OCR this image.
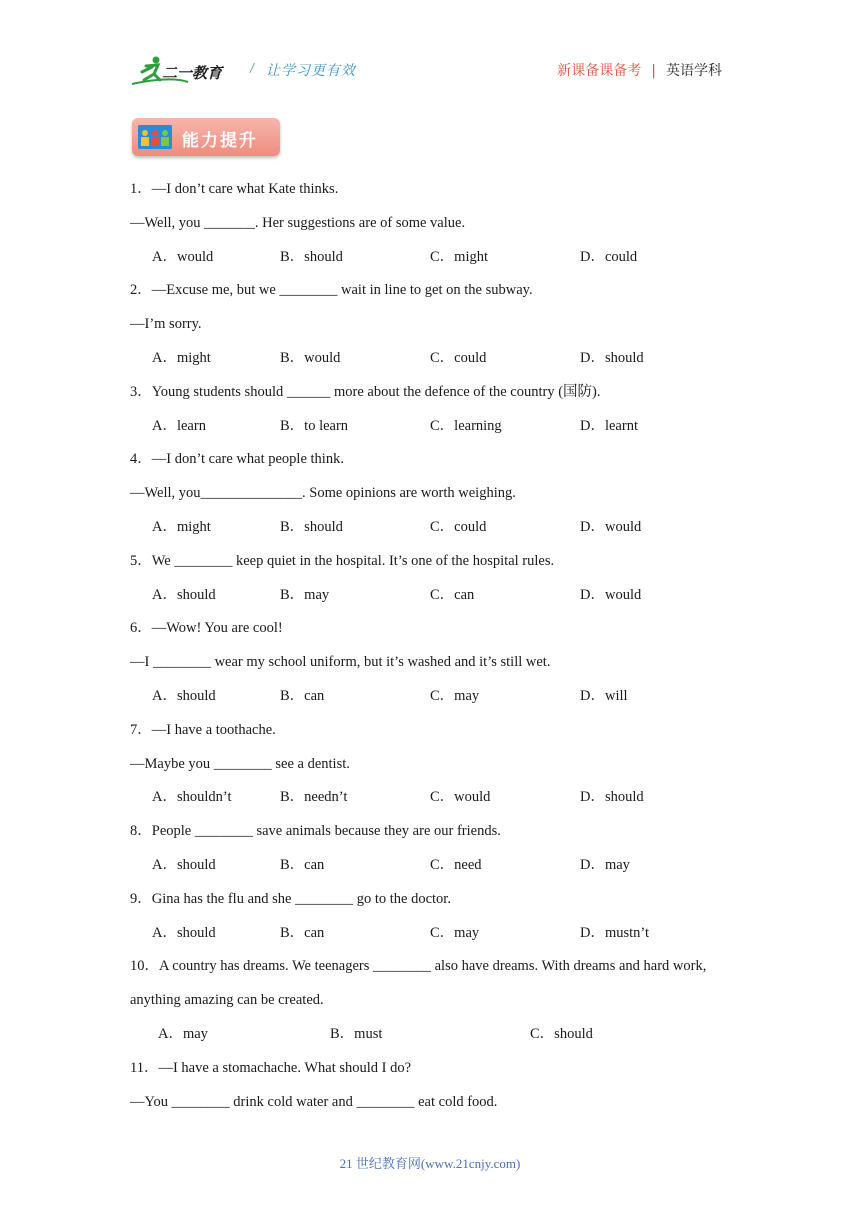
二一教育 / 让学习更有效	新课备课备考 | 英语学科
能力提升
1．—I don’t care what Kate thinks.
—Well, you _______. Her suggestions are of some value.
A．would	B．should	C．might	D．could
2．—Excuse me, but we ________ wait in line to get on the subway.
—I’m sorry.
A．might	B．would	C．could	D．should
3．Young students should ______ more about the defence of the country (国防).
A．learn	B．to learn	C．learning	D．learnt
4．—I don’t care what people think.
—Well, you______________. Some opinions are worth weighing.
A．might	B．should	C．could	D．would
5．We ________ keep quiet in the hospital. It’s one of the hospital rules.
A．should	B．may	C．can	D．would
6．—Wow! You are cool!
—I ________ wear my school uniform, but it’s washed and it’s still wet.
A．should	B．can	C．may	D．will
7．—I have a toothache.
—Maybe you ________ see a dentist.
A．shouldn’t	B．needn’t	C．would	D．should
8．People ________ save animals because they are our friends.
A．should	B．can	C．need	D．may
9．Gina has the flu and she ________ go to the doctor.
A．should	B．can	C．may	D．mustn’t
10．A country has dreams. We teenagers ________ also have dreams. With dreams and hard work,
anything amazing can be created.
A．may	B．must	C．should
11．—I have a stomachache. What should I do?
—You ________ drink cold water and ________ eat cold food.
21 世纪教育网(www.21cnjy.com)
